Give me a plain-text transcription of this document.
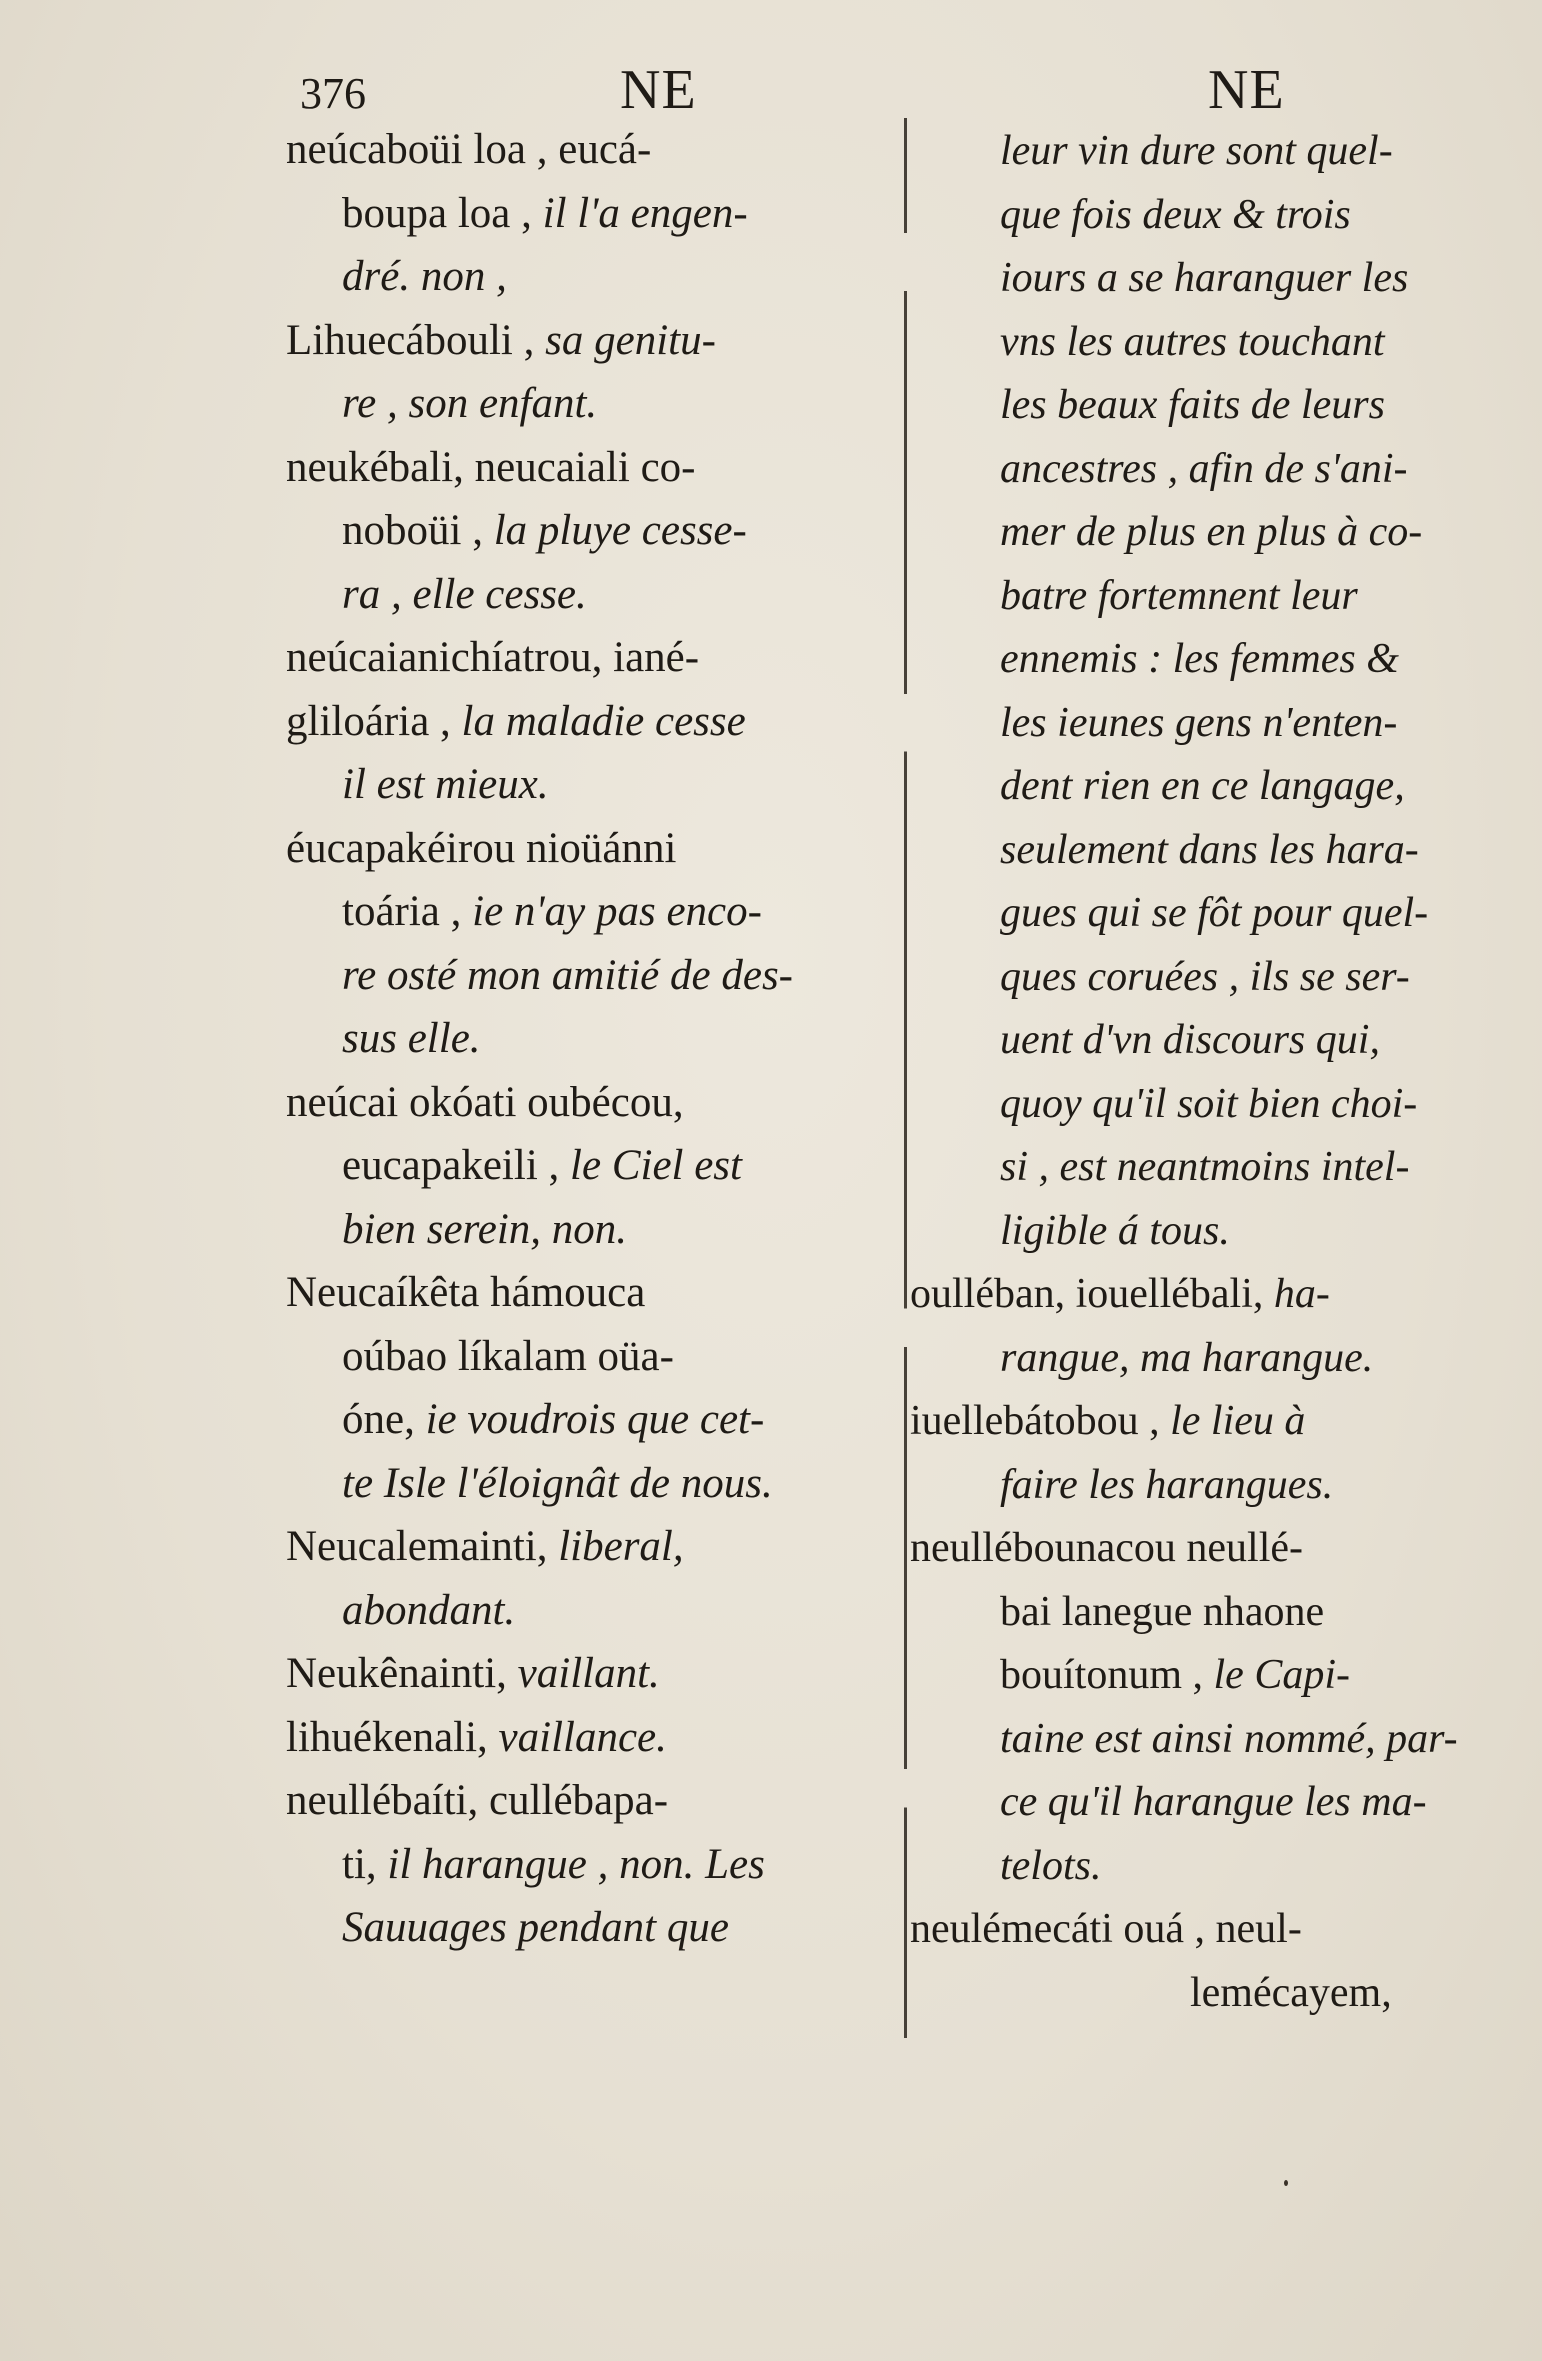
376	NE	NE
neúcaboüi loa , eucá-
boupa loa , il l'a engen-
dré. non ,
Lihuecábouli , sa genitu-
re , son enfant.
neukébali, neucaiali co-
noboüi , la pluye cesse-
ra , elle cesse.
neúcaianichíatrou, iané-
gliloária , la maladie cesse
il est mieux.
éucapakéirou nioüánni
toária , ie n'ay pas enco-
re osté mon amitié de des-
sus elle.
neúcai okóati oubécou,
eucapakeili , le Ciel est
bien serein, non.
Neucaíkêta hámouca
oúbao líkalam oüa-
óne, ie voudrois que cet-
te Isle l'éloignât de nous.
Neucalemainti, liberal,
abondant.
Neukênainti, vaillant.
lihuékenali, vaillance.
neullébaíti, cullébapa-
ti, il harangue , non. Les
Sauuages pendant que
leur vin dure sont quel-
que fois deux & trois
iours a se haranguer les
vns les autres touchant
les beaux faits de leurs
ancestres , afin de s'ani-
mer de plus en plus à co-
batre fortemnent leur
ennemis : les femmes &
les ieunes gens n'enten-
dent rien en ce langage,
seulement dans les hara-
gues qui se fôt pour quel-
ques coruées , ils se ser-
uent d'vn discours qui,
quoy qu'il soit bien choi-
si , est neantmoins intel-
ligible á tous.
oulléban, iouellébali, ha-
rangue, ma harangue.
iuellebátobou , le lieu à
faire les harangues.
neullébounacou neullé-
bai lanegue nhaone
bouítonum , le Capi-
taine est ainsi nommé, par-
ce qu'il harangue les ma-
telots.
neulémecáti ouá , neul-
lemécayem,
